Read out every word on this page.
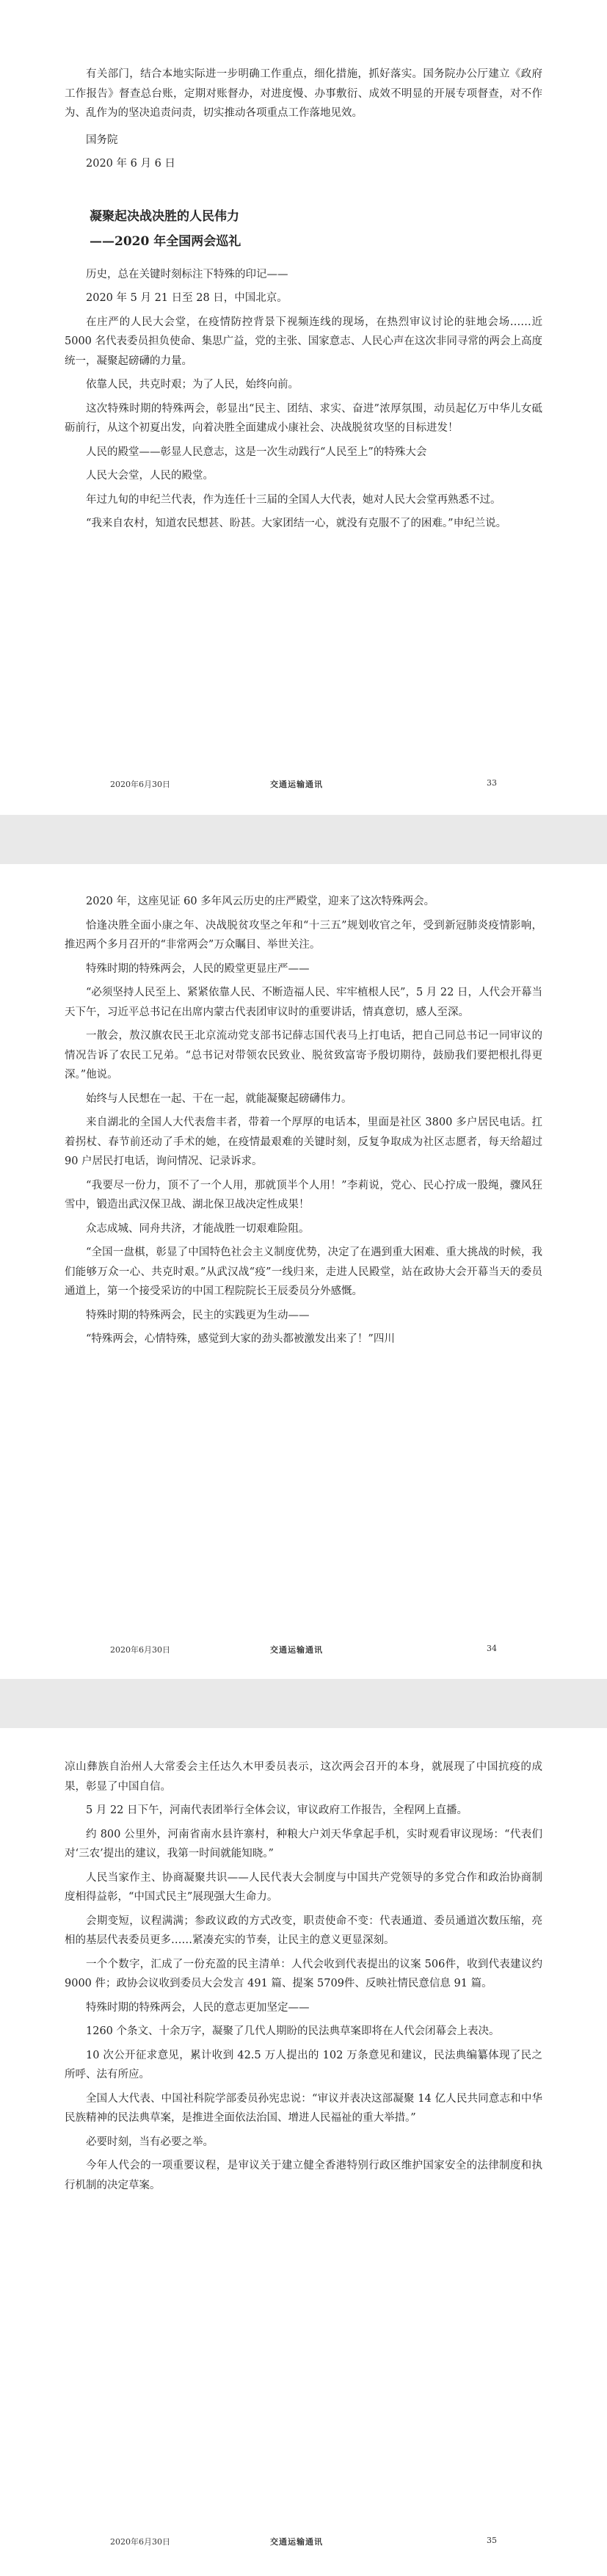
有关部门，结合本地实际进一步明确工作重点，细化措施，抓好落实。国务院办公厅建立《政府工作报告》督查总台账，定期对账督办，对进度慢、办事敷衍、成效不明显的开展专项督查，对不作为、乱作为的坚决追责问责，切实推动各项重点工作落地见效。

国务院

2020 年 6 月 6 日

凝聚起决战决胜的人民伟力

——2020 年全国两会巡礼

历史，总在关键时刻标注下特殊的印记——

2020 年 5 月 21 日至 28 日，中国北京。

在庄严的人民大会堂，在疫情防控背景下视频连线的现场，在热烈审议讨论的驻地会场……近 5000 名代表委员担负使命、集思广益，党的主张、国家意志、人民心声在这次非同寻常的两会上高度统一，凝聚起磅礴的力量。

依靠人民，共克时艰；为了人民，始终向前。

这次特殊时期的特殊两会，彰显出“民主、团结、求实、奋进”浓厚氛围，动员起亿万中华儿女砥砺前行，从这个初夏出发，向着决胜全面建成小康社会、决战脱贫攻坚的目标进发！

人民的殿堂——彰显人民意志，这是一次生动践行“人民至上”的特殊大会

人民大会堂，人民的殿堂。

年过九旬的申纪兰代表，作为连任十三届的全国人大代表，她对人民大会堂再熟悉不过。

“我来自农村，知道农民想甚、盼甚。大家团结一心，就没有克服不了的困难。”申纪兰说。

2020年6月30日	交通运输通讯	33

2020 年，这座见证 60 多年风云历史的庄严殿堂，迎来了这次特殊两会。

恰逢决胜全面小康之年、决战脱贫攻坚之年和“十三五”规划收官之年，受到新冠肺炎疫情影响，推迟两个多月召开的“非常两会”万众瞩目、举世关注。

特殊时期的特殊两会，人民的殿堂更显庄严——

“必须坚持人民至上、紧紧依靠人民、不断造福人民、牢牢植根人民”，5 月 22 日，人代会开幕当天下午，习近平总书记在出席内蒙古代表团审议时的重要讲话，情真意切，感人至深。

一散会，敖汉旗农民王北京流动党支部书记薛志国代表马上打电话，把自己同总书记一同审议的情况告诉了农民工兄弟。“总书记对带领农民致业、脱贫致富寄予殷切期待，鼓励我们要把根扎得更深。”他说。

始终与人民想在一起、干在一起，就能凝聚起磅礴伟力。

来自湖北的全国人大代表詹丰者，带着一个厚厚的电话本，里面是社区 3800 多户居民电话。扛着拐杖、春节前还动了手术的她，在疫情最艰难的关键时刻，反复争取成为社区志愿者，每天给超过 90 户居民打电话，询问情况、记录诉求。

“我要尽一份力，顶不了一个人用，那就顶半个人用！”李莉说，党心、民心拧成一股绳，骤风狂雪中，锻造出武汉保卫战、湖北保卫战决定性成果！

众志成城、同舟共济，才能战胜一切艰难险阻。

“全国一盘棋，彰显了中国特色社会主义制度优势，决定了在遇到重大困难、重大挑战的时候，我们能够万众一心、共克时艰。”从武汉战“疫”一线归来，走进人民殿堂，站在政协大会开幕当天的委员通道上，第一个接受采访的中国工程院院长王辰委员分外感慨。

特殊时期的特殊两会，民主的实践更为生动——

“特殊两会，心情特殊，感觉到大家的劲头都被激发出来了！”四川

2020年6月30日	交通运输通讯	34

凉山彝族自治州人大常委会主任达久木甲委员表示，这次两会召开的本身，就展现了中国抗疫的成果，彰显了中国自信。

5 月 22 日下午，河南代表团举行全体会议，审议政府工作报告，全程网上直播。

约 800 公里外，河南省南水县许寨村，种粮大户刘天华拿起手机，实时观看审议现场：“代表们对‘三农’提出的建议，我第一时间就能知晓。”

人民当家作主、协商凝聚共识——人民代表大会制度与中国共产党领导的多党合作和政治协商制度相得益彰，“中国式民主”展现强大生命力。

会期变短，议程满满；参政议政的方式改变，职责使命不变：代表通道、委员通道次数压缩，亮相的基层代表委员更多……紧凑充实的节奏，让民主的意义更显深刻。

一个个数字，汇成了一份充盈的民主清单：人代会收到代表提出的议案 506件，收到代表建议约 9000 件；政协会议收到委员大会发言 491 篇、提案 5709件、反映社情民意信息 91 篇。

特殊时期的特殊两会，人民的意志更加坚定——

1260 个条文、十余万字，凝聚了几代人期盼的民法典草案即将在人代会闭幕会上表决。

10 次公开征求意见，累计收到 42.5 万人提出的 102 万条意见和建议，民法典编纂体现了民之所呼、法有所应。

全国人大代表、中国社科院学部委员孙宪忠说：“审议并表决这部凝聚 14 亿人民共同意志和中华民族精神的民法典草案，是推进全面依法治国、增进人民福祉的重大举措。”

必要时刻，当有必要之举。

今年人代会的一项重要议程，是审议关于建立健全香港特别行政区维护国家安全的法律制度和执行机制的决定草案。

2020年6月30日	交通运输通讯	35
